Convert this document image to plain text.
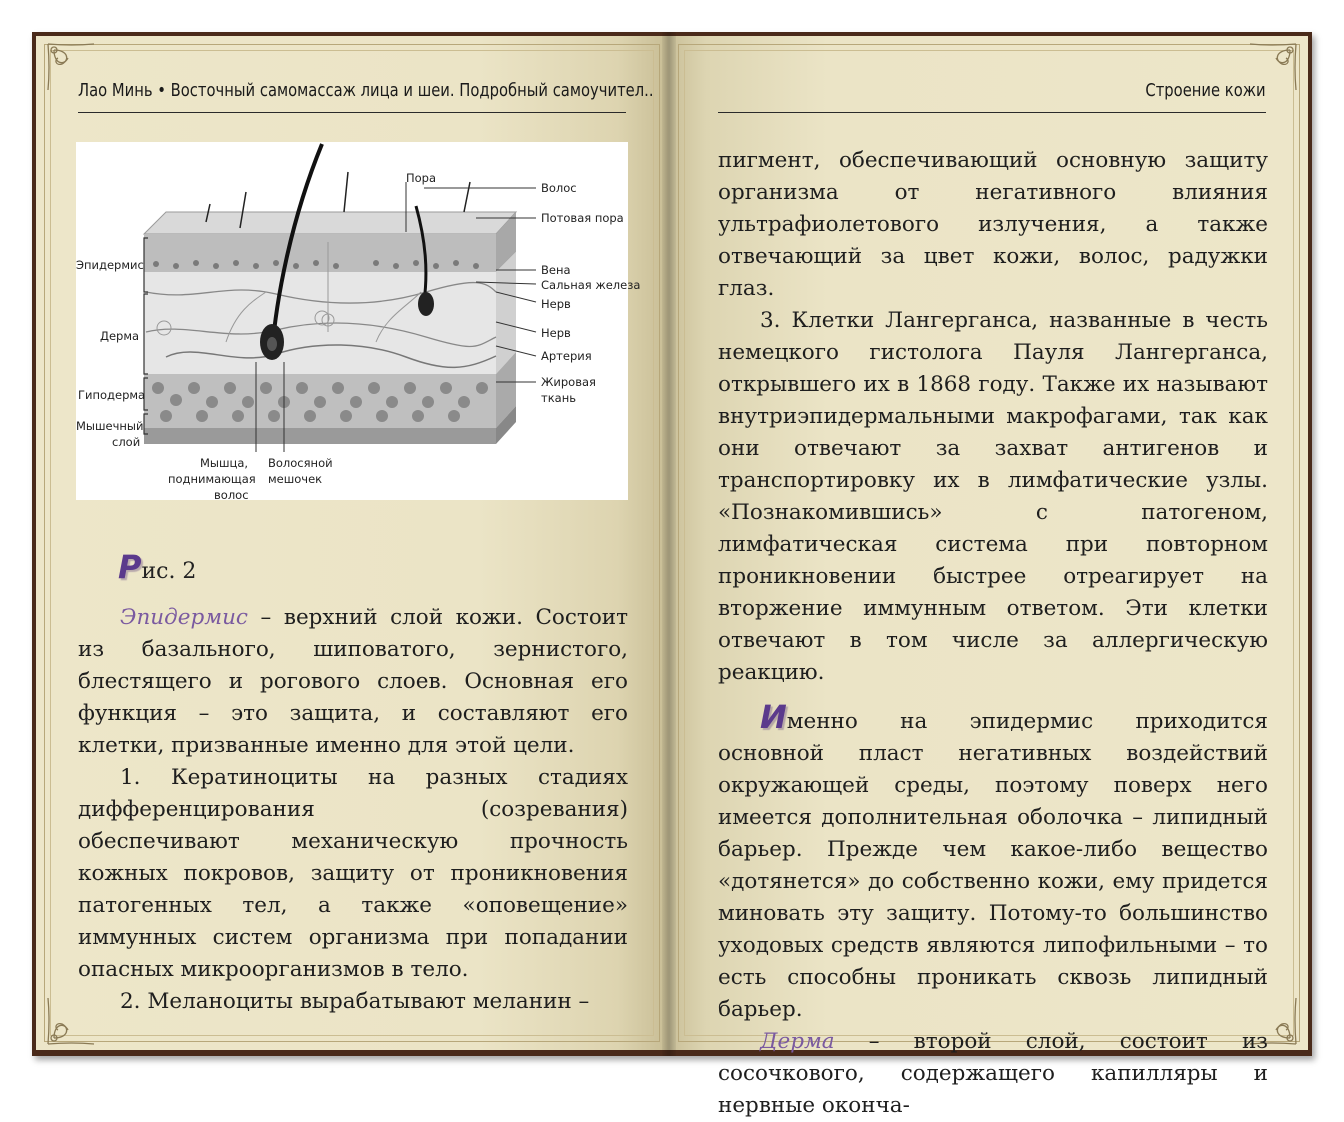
Лао Минь • Восточный самомассаж лица и шеи. Подробный самоучител..	Строение кожи
Пора
Волос
Потовая пора
Эпидермис	Вена
Сальная железа
Нерв
Дерма	Нерв
Артерия
Гиподерма
Жировая
ткань
Мышечный
слой
Мышца,
поднимающая
волос
Волосяной
мешочек
Рис. 2

Эпидермис – верхний слой кожи. Состоит из базального, шиповатого, зернистого, блестящего и рогового слоев. Основная его функция – это защита, и составляют его клетки, призванные именно для этой цели.

1. Кератиноциты на разных стадиях дифференцирования (созревания) обеспечивают механическую прочность кожных покровов, защиту от проникновения патогенных тел, а также «оповещение» иммунных систем организма при попадании опасных микроорганизмов в тело.

2. Меланоциты вырабатывают меланин –

пигмент, обеспечивающий основную защиту организма от негативного влияния ультрафиолетового излучения, а также отвечающий за цвет кожи, волос, радужки глаз.

3. Клетки Лангерганса, названные в честь немецкого гистолога Пауля Лангерганса, открывшего их в 1868 году. Также их называют внутриэпидермальными макрофагами, так как они отвечают за захват антигенов и транспортировку их в лимфатические узлы. «Познакомившись» с патогеном, лимфатическая система при повторном проникновении быстрее отреагирует на вторжение иммунным ответом. Эти клетки отвечают в том числе за аллергическую реакцию.

Именно на эпидермис приходится основной пласт негативных воздействий окружающей среды, поэтому поверх него имеется дополнительная оболочка – липидный барьер. Прежде чем какое-либо вещество «дотянется» до собственно кожи, ему придется миновать эту защиту. Потому-то большинство уходовых средств являются липофильными – то есть способны проникать сквозь липидный барьер.

Дерма – второй слой, состоит из сосочкового, содержащего капилляры и нервные оконча-
